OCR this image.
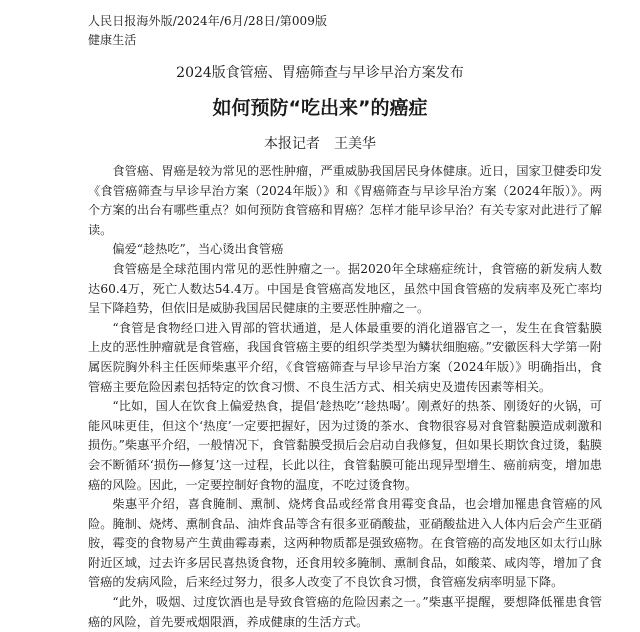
人民日报海外版/2024年/6月/28日/第009版
健康生活
2024版食管癌、胃癌筛查与早诊早治方案发布
如何预防“吃出来”的癌症
本报记者　王美华

食管癌、胃癌是较为常见的恶性肿瘤，严重威胁我国居民身体健康。近日，国家卫健委印发《食管癌筛查与早诊早治方案（2024年版）》和《胃癌筛查与早诊早治方案（2024年版）》。两个方案的出台有哪些重点？如何预防食管癌和胃癌？怎样才能早诊早治？有关专家对此进行了解读。

偏爱“趁热吃”，当心烫出食管癌

食管癌是全球范围内常见的恶性肿瘤之一。据2020年全球癌症统计，食管癌的新发病人数达60.4万，死亡人数达54.4万。中国是食管癌高发地区，虽然中国食管癌的发病率及死亡率均呈下降趋势，但依旧是威胁我国居民健康的主要恶性肿瘤之一。

“食管是食物经口进入胃部的管状通道，是人体最重要的消化道器官之一，发生在食管黏膜上皮的恶性肿瘤就是食管癌，我国食管癌主要的组织学类型为鳞状细胞癌。”安徽医科大学第一附属医院胸外科主任医师柴惠平介绍，《食管癌筛查与早诊早治方案（2024年版）》明确指出，食管癌主要危险因素包括特定的饮食习惯、不良生活方式、相关病史及遗传因素等相关。

“比如，国人在饮食上偏爱热食，提倡‘趁热吃’‘趁热喝’。刚煮好的热茶、刚烫好的火锅，可能风味更佳，但这个‘热度’一定要把握好，因为过烫的茶水、食物很容易对食管黏膜造成刺激和损伤。”柴惠平介绍，一般情况下，食管黏膜受损后会启动自我修复，但如果长期饮食过烫，黏膜会不断循环‘损伤—修复’这一过程，长此以往，食管黏膜可能出现异型增生、癌前病变，增加患癌的风险。因此，一定要控制好食物的温度，不吃过烫食物。

柴惠平介绍，喜食腌制、熏制、烧烤食品或经常食用霉变食品，也会增加罹患食管癌的风险。腌制、烧烤、熏制食品、油炸食品等含有很多亚硝酸盐，亚硝酸盐进入人体内后会产生亚硝胺，霉变的食物易产生黄曲霉毒素，这两种物质都是强致癌物。在食管癌的高发地区如太行山脉附近区域，过去许多居民喜热烫食物，还食用较多腌制、熏制食品，如酸菜、咸肉等，增加了食管癌的发病风险，后来经过努力，很多人改变了不良饮食习惯，食管癌发病率明显下降。

“此外，吸烟、过度饮酒也是导致食管癌的危险因素之一。”柴惠平提醒，要想降低罹患食管癌的风险，首先要戒烟限酒，养成健康的生活方式。
